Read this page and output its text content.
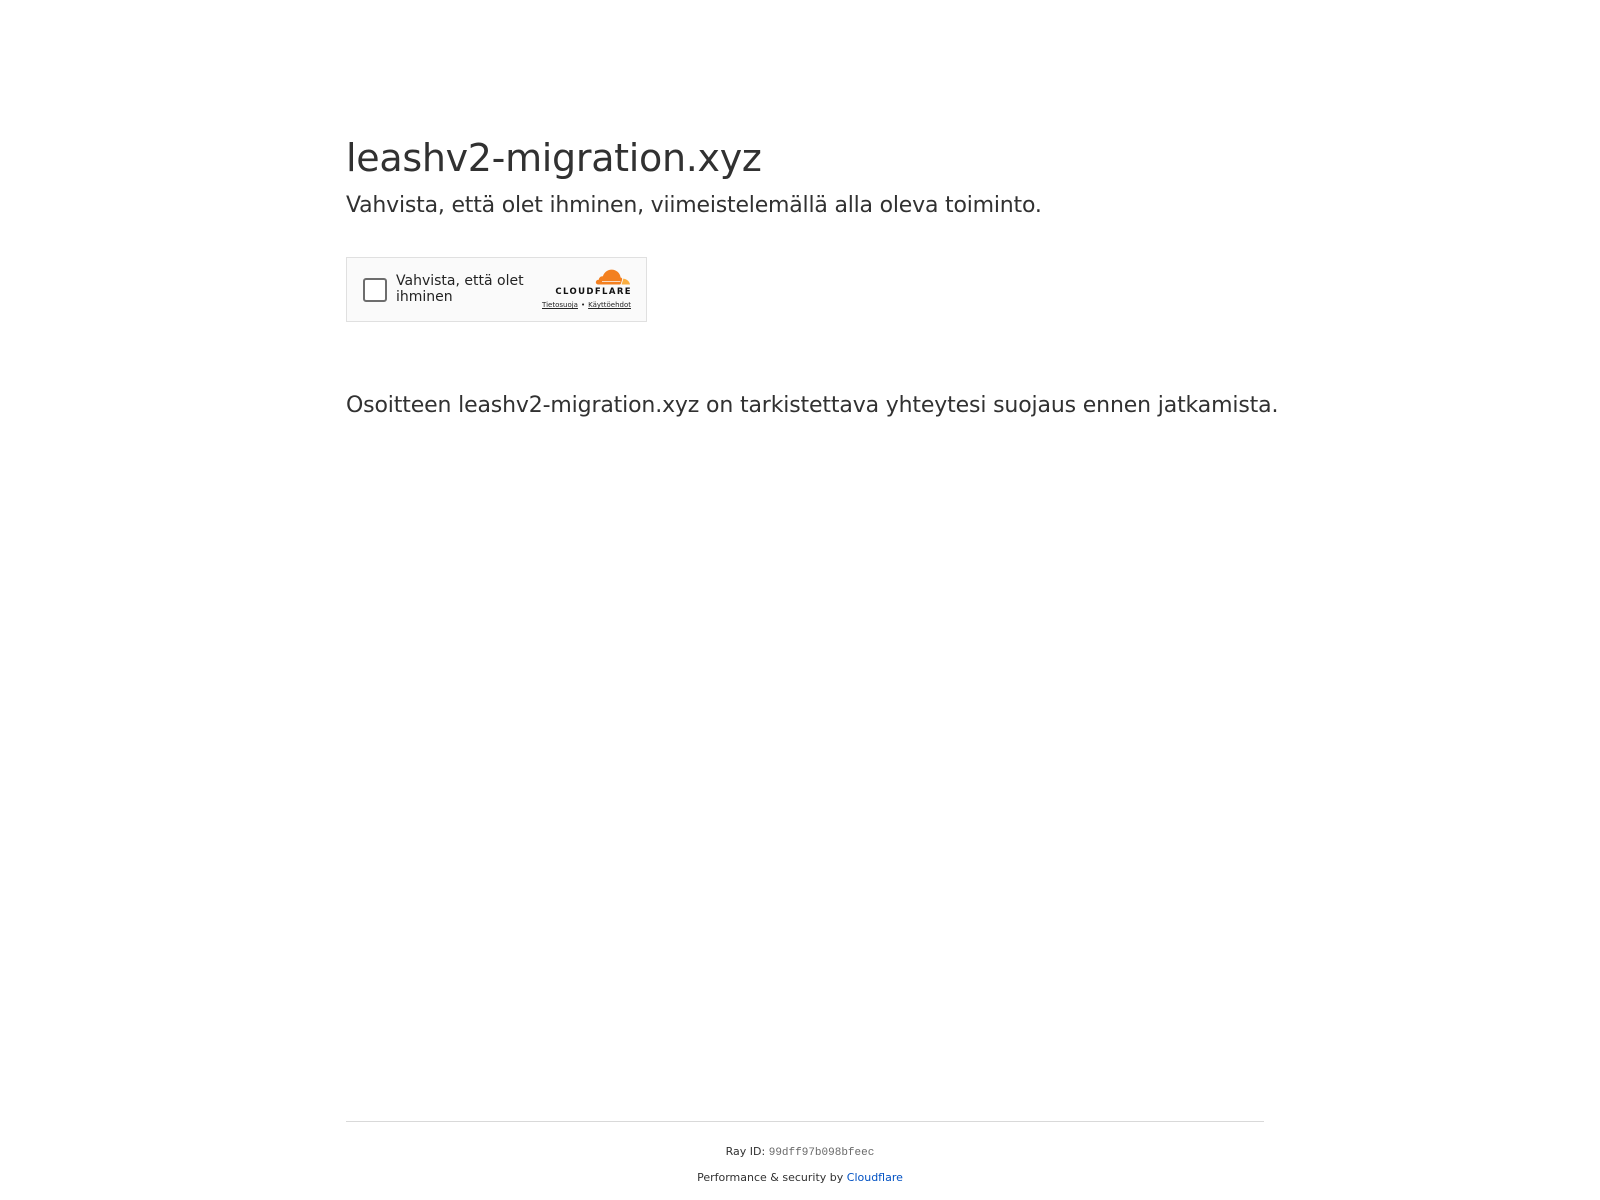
leashv2-migration.xyz
Vahvista, että olet ihminen, viimeistelemällä alla oleva toiminto.
Vahvista, että olet ihminen	CLOUDFLARE
Tietosuoja • Käyttöehdot

Osoitteen leashv2-migration.xyz on tarkistettava yhteytesi suojaus ennen jatkamista.

Ray ID: 99dff97b098bfeec
Performance & security by Cloudflare
